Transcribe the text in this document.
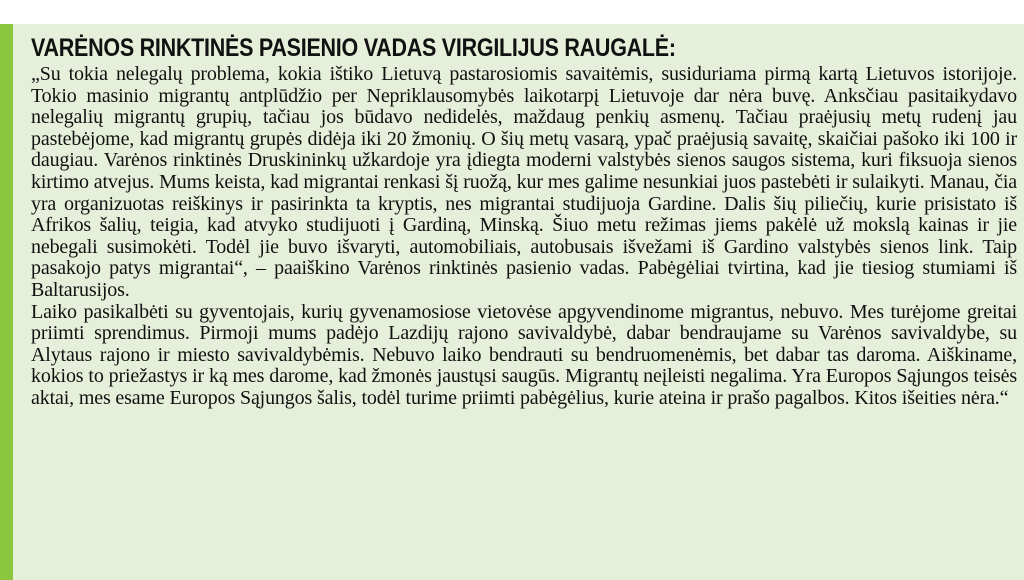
VARĖNOS RINKTINĖS PASIENIO VADAS VIRGILIJUS RAUGALĖ:

„Su tokia nelegalų problema, kokia ištiko Lietuvą pastarosiomis savaitėmis, susiduriama pirmą kartą Lietuvos istorijoje. Tokio masinio migrantų antplūdžio per Nepriklausomybės laikotarpį Lietuvoje dar nėra buvę. Anksčiau pasitaikydavo nelegalių migrantų grupių, tačiau jos būdavo nedidelės, maždaug penkių asmenų. Tačiau praėjusių metų rudenį jau pastebėjome, kad migrantų grupės didėja iki 20 žmonių. O šių metų vasarą, ypač praėjusią savaitę, skaičiai pašoko iki 100 ir daugiau. Varėnos rinktinės Druskininkų užkardoje yra įdiegta moderni valstybės sienos saugos sistema, kuri fiksuoja sienos kirtimo atvejus. Mums keista, kad migrantai renkasi šį ruožą, kur mes galime nesunkiai juos pastebėti ir sulaikyti. Manau, čia yra organizuotas reiškinys ir pasirinkta ta kryptis, nes migrantai studijuoja Gardine. Dalis šių piliečių, kurie prisistato iš Afrikos šalių, teigia, kad atvyko studijuoti į Gardiną, Minską. Šiuo metu režimas jiems pakėlė už mokslą kainas ir jie nebegali susimokėti. Todėl jie buvo išvaryti, automobiliais, autobusais išvežami iš Gardino valstybės sienos link. Taip pasakojo patys migrantai“, – paaiškino Varėnos rinktinės pasienio vadas. Pabėgėliai tvirtina, kad jie tiesiog stumiami iš Baltarusijos.

Laiko pasikalbėti su gyventojais, kurių gyvenamosiose vietovėse apgyvendinome migrantus, nebuvo. Mes turėjome greitai priimti sprendimus. Pirmoji mums padėjo Lazdijų rajono savivaldybė, dabar bendraujame su Varėnos savivaldybe, su Alytaus rajono ir miesto savivaldybėmis. Nebuvo laiko bendrauti su bendruomenėmis, bet dabar tas daroma. Aiškiname, kokios to priežastys ir ką mes darome, kad žmonės jaustųsi saugūs. Migrantų neįleisti negalima. Yra Europos Sąjungos teisės aktai, mes esame Europos Sąjungos šalis, todėl turime priimti pabėgėlius, kurie ateina ir prašo pagalbos. Kitos išeities nėra.“
